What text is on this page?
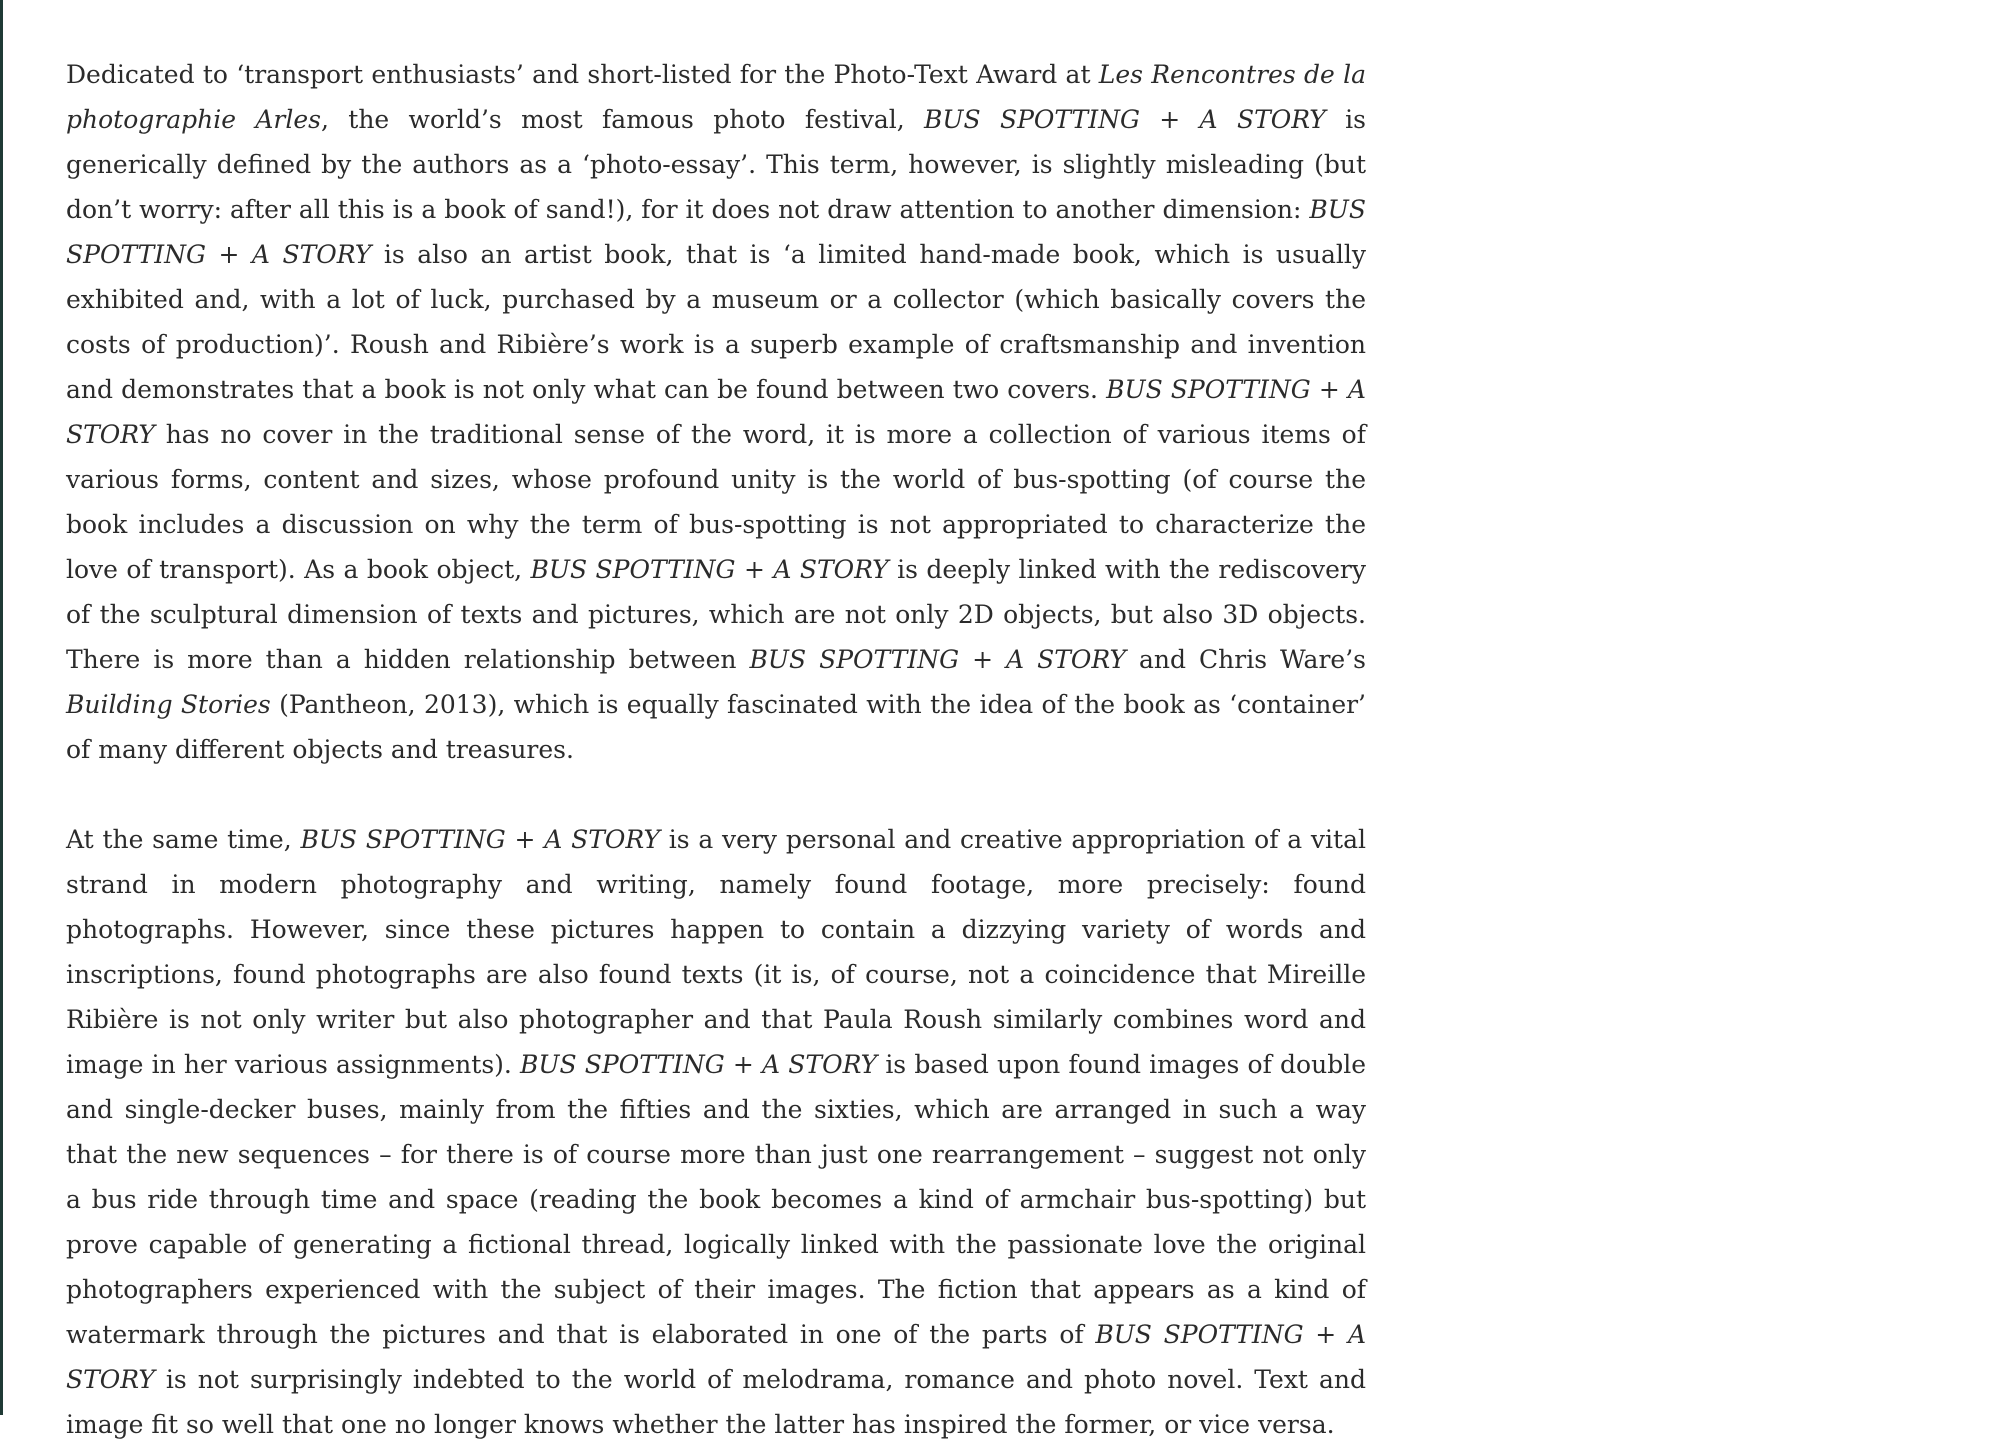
Dedicated to ‘transport enthusiasts’ and short-listed for the Photo-Text Award at Les Rencontres de la photographie Arles, the world’s most famous photo festival, BUS SPOTTING + A STORY is generically defined by the authors as a ‘photo-essay’. This term, however, is slightly misleading (but don’t worry: after all this is a book of sand!), for it does not draw attention to another dimension: BUS SPOTTING + A STORY is also an artist book, that is ‘a limited hand-made book, which is usually exhibited and, with a lot of luck, purchased by a museum or a collector (which basically covers the costs of production)’. Roush and Ribière’s work is a superb example of craftsmanship and invention and demonstrates that a book is not only what can be found between two covers. BUS SPOTTING + A STORY has no cover in the traditional sense of the word, it is more a collection of various items of various forms, content and sizes, whose profound unity is the world of bus-spotting (of course the book includes a discussion on why the term of bus-spotting is not appropriated to characterize the love of transport). As a book object, BUS SPOTTING + A STORY is deeply linked with the rediscovery of the sculptural dimension of texts and pictures, which are not only 2D objects, but also 3D objects. There is more than a hidden relationship between BUS SPOTTING + A STORY and Chris Ware’s Building Stories (Pantheon, 2013), which is equally fascinated with the idea of the book as ‘container’ of many different objects and treasures.

At the same time, BUS SPOTTING + A STORY is a very personal and creative appropriation of a vital strand in modern photography and writing, namely found footage, more precisely: found photographs. However, since these pictures happen to contain a dizzying variety of words and inscriptions, found photographs are also found texts (it is, of course, not a coincidence that Mireille Ribière is not only writer but also photographer and that Paula Roush similarly combines word and image in her various assignments). BUS SPOTTING + A STORY is based upon found images of double and single-decker buses, mainly from the fifties and the sixties, which are arranged in such a way that the new sequences – for there is of course more than just one rearrangement – suggest not only a bus ride through time and space (reading the book becomes a kind of armchair bus-spotting) but prove capable of generating a fictional thread, logically linked with the passionate love the original photographers experienced with the subject of their images. The fiction that appears as a kind of watermark through the pictures and that is elaborated in one of the parts of BUS SPOTTING + A STORY is not surprisingly indebted to the world of melodrama, romance and photo novel. Text and image fit so well that one no longer knows whether the latter has inspired the former, or vice versa.
